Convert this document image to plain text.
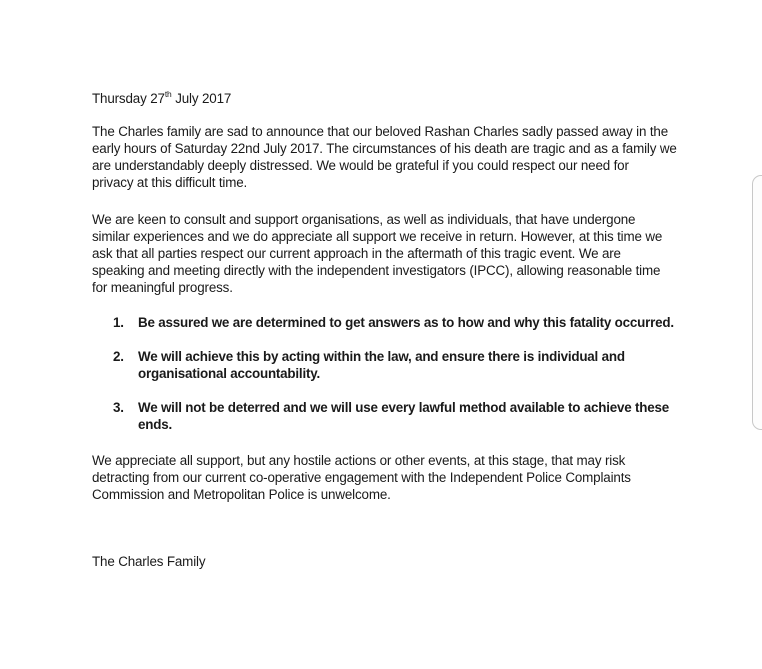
Thursday 27th July 2017
The Charles family are sad to announce that our beloved Rashan Charles sadly passed away in the
early hours of Saturday 22nd July 2017. The circumstances of his death are tragic and as a family we
are understandably deeply distressed. We would be grateful if you could respect our need for
privacy at this difficult time.
We are keen to consult and support organisations, as well as individuals, that have undergone
similar experiences and we do appreciate all support we receive in return. However, at this time we
ask that all parties respect our current approach in the aftermath of this tragic event. We are
speaking and meeting directly with the independent investigators (IPCC), allowing reasonable time
for meaningful progress.
1. Be assured we are determined to get answers as to how and why this fatality occurred.
2. We will achieve this by acting within the law, and ensure there is individual and
organisational accountability.
3. We will not be deterred and we will use every lawful method available to achieve these
ends.
We appreciate all support, but any hostile actions or other events, at this stage, that may risk
detracting from our current co-operative engagement with the Independent Police Complaints
Commission and Metropolitan Police is unwelcome.
The Charles Family
